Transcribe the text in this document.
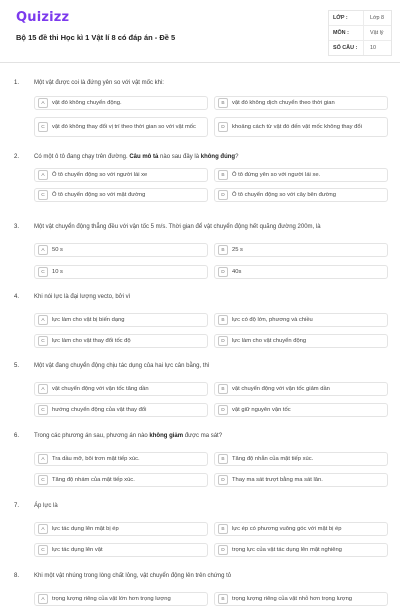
Quizizz
Bộ 15 đề thi Học kì 1 Vật lí 8 có đáp án - Đề 5
LỚP :	Lớp 8
MÔN :	Vật lý
SỐ CÂU :	10
1. Một vật được coi là đứng yên so với vật mốc khi:
A	vật đó không chuyển động.	B	vật đó không dịch chuyển theo thời gian
C	vật đó không thay đổi vị trí theo thời gian so với vật mốc	D	khoảng cách từ vật đó đến vật mốc không thay đổi
2. Có một ô tô đang chạy trên đường. Câu mô tả nào sau đây là không đúng?
A	Ô tô chuyển động so với người lái xe	B	Ô tô đứng yên so với người lái xe.
C	Ô tô chuyển động so với mặt đường	D	Ô tô chuyển động so với cây bên đường
3. Một vật chuyển động thẳng đều với vận tốc 5 m/s. Thời gian để vật chuyển động hết quãng đường 200m, là
A	50 s	B	25 s
C	10 s	D	40s
4. Khi nói lực là đại lượng vecto, bởi vì
A	lực làm cho vật bị biến dạng	B	lực có độ lớn, phương và chiều
C	lực làm cho vật thay đổi tốc độ	D	lực làm cho vật chuyển động
5. Một vật đang chuyển động chịu tác dụng của hai lực cân bằng, thì
A	vật chuyển động với vận tốc tăng dần	B	vật chuyển động với vận tốc giảm dần
C	hướng chuyển động của vật thay đổi	D	vật giữ nguyên vận tốc
6. Trong các phương án sau, phương án nào không giảm được ma sát?
A	Tra dầu mỡ, bôi trơn mặt tiếp xúc.	B	Tăng độ nhẵn của mặt tiếp xúc.
C	Tăng độ nhám của mặt tiếp xúc.	D	Thay ma sát trượt bằng ma sát lăn.
7. Áp lực là
A	lực tác dụng lên mặt bị ép	B	lực ép có phương vuông góc với mặt bị ép
C	lực tác dụng lên vật	D	trọng lực của vật tác dụng lên mặt nghiêng
8. Khi một vật nhúng trong lòng chất lỏng, vật chuyển động lên trên chứng tỏ
A	trọng lượng riêng của vật lớn hơn trọng lượng	B	trọng lượng riêng của vật nhỏ hơn trọng lượng
